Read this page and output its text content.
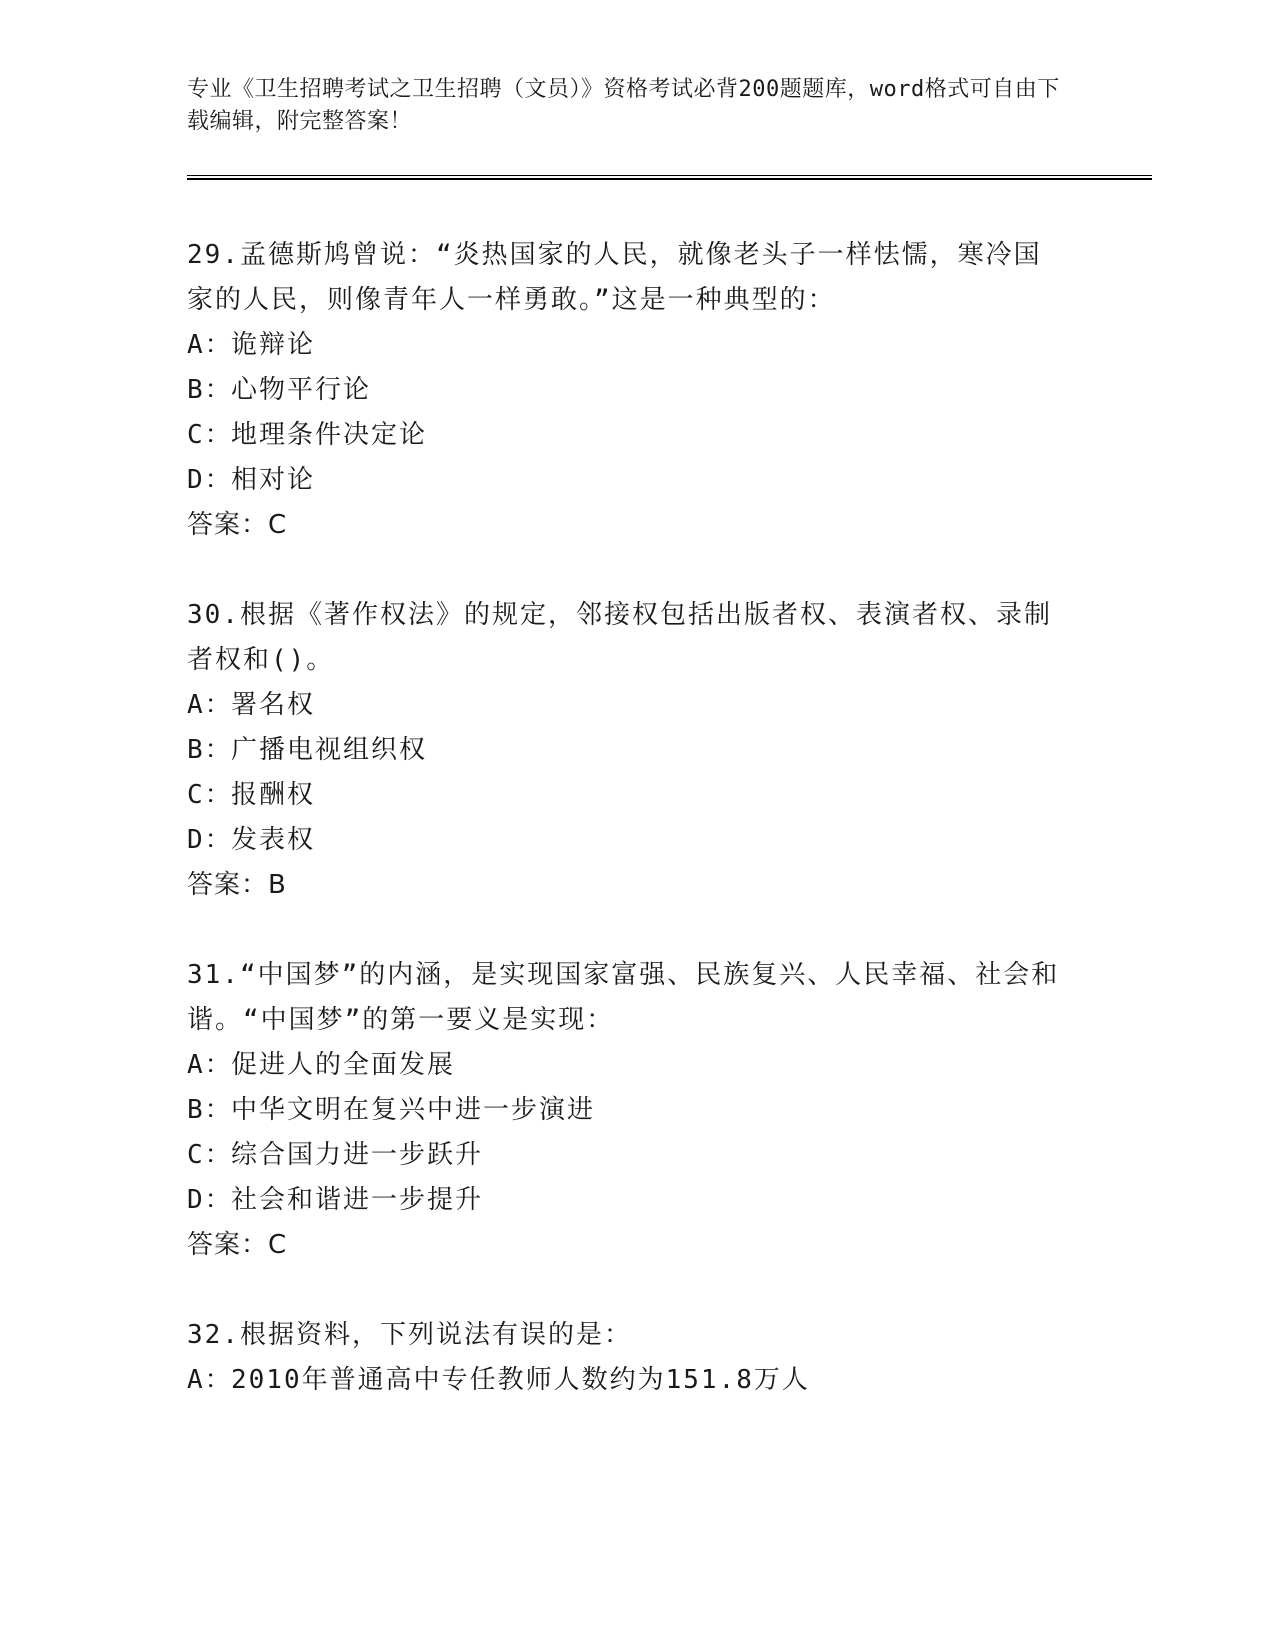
专业《卫生招聘考试之卫生招聘（文员）》资格考试必背200题题库，word格式可自由下载编辑，附完整答案！
29.孟德斯鸠曾说：“炎热国家的人民，就像老头子一样怯懦，寒冷国家的人民，则像青年人一样勇敢。”这是一种典型的：
A：诡辩论
B：心物平行论
C：地理条件决定论
D：相对论
答案：C
30.根据《著作权法》的规定，邻接权包括出版者权、表演者权、录制者权和()。
A：署名权
B：广播电视组织权
C：报酬权
D：发表权
答案：B
31.“中国梦”的内涵，是实现国家富强、民族复兴、人民幸福、社会和谐。“中国梦”的第一要义是实现：
A：促进人的全面发展
B：中华文明在复兴中进一步演进
C：综合国力进一步跃升
D：社会和谐进一步提升
答案：C
32.根据资料，下列说法有误的是：
A：2010年普通高中专任教师人数约为151.8万人
